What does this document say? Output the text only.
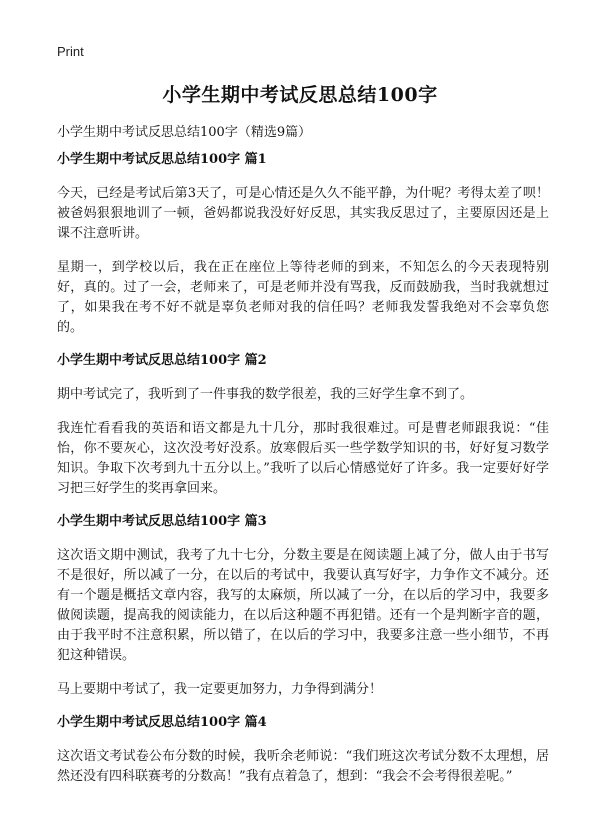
Print
小学生期中考试反思总结100字
小学生期中考试反思总结100字（精选9篇）
小学生期中考试反思总结100字 篇1
今天，已经是考试后第3天了，可是心情还是久久不能平静，为什呢？考得太差了呗！被爸妈狠狠地训了一顿，爸妈都说我没好好反思，其实我反思过了，主要原因还是上课不注意听讲。
星期一，到学校以后，我在正在座位上等待老师的到来，不知怎么的今天表现特别好，真的。过了一会，老师来了，可是老师并没有骂我，反而鼓励我，当时我就想过了，如果我在考不好不就是辜负老师对我的信任吗？老师我发誓我绝对不会辜负您的。
小学生期中考试反思总结100字 篇2
期中考试完了，我听到了一件事我的数学很差，我的三好学生拿不到了。
我连忙看看我的英语和语文都是九十几分，那时我很难过。可是曹老师跟我说：“佳怡，你不要灰心，这次没考好没系。放寒假后买一些学数学知识的书，好好复习数学知识。争取下次考到九十五分以上。”我听了以后心情感觉好了许多。我一定要好好学习把三好学生的奖再拿回来。
小学生期中考试反思总结100字 篇3
这次语文期中测试，我考了九十七分，分数主要是在阅读题上减了分，做人由于书写不是很好，所以减了一分，在以后的考试中，我要认真写好字，力争作文不减分。还有一个题是概括文章内容，我写的太麻烦，所以减了一分，在以后的学习中，我要多做阅读题，提高我的阅读能力，在以后这种题不再犯错。还有一个是判断字音的题，由于我平时不注意积累，所以错了，在以后的学习中，我要多注意一些小细节，不再犯这种错误。
马上要期中考试了，我一定要更加努力，力争得到满分！
小学生期中考试反思总结100字 篇4
这次语文考试卷公布分数的时候，我听余老师说：“我们班这次考试分数不太理想，居然还没有四科联赛考的分数高！”我有点着急了，想到：“我会不会考得很差呢。”
